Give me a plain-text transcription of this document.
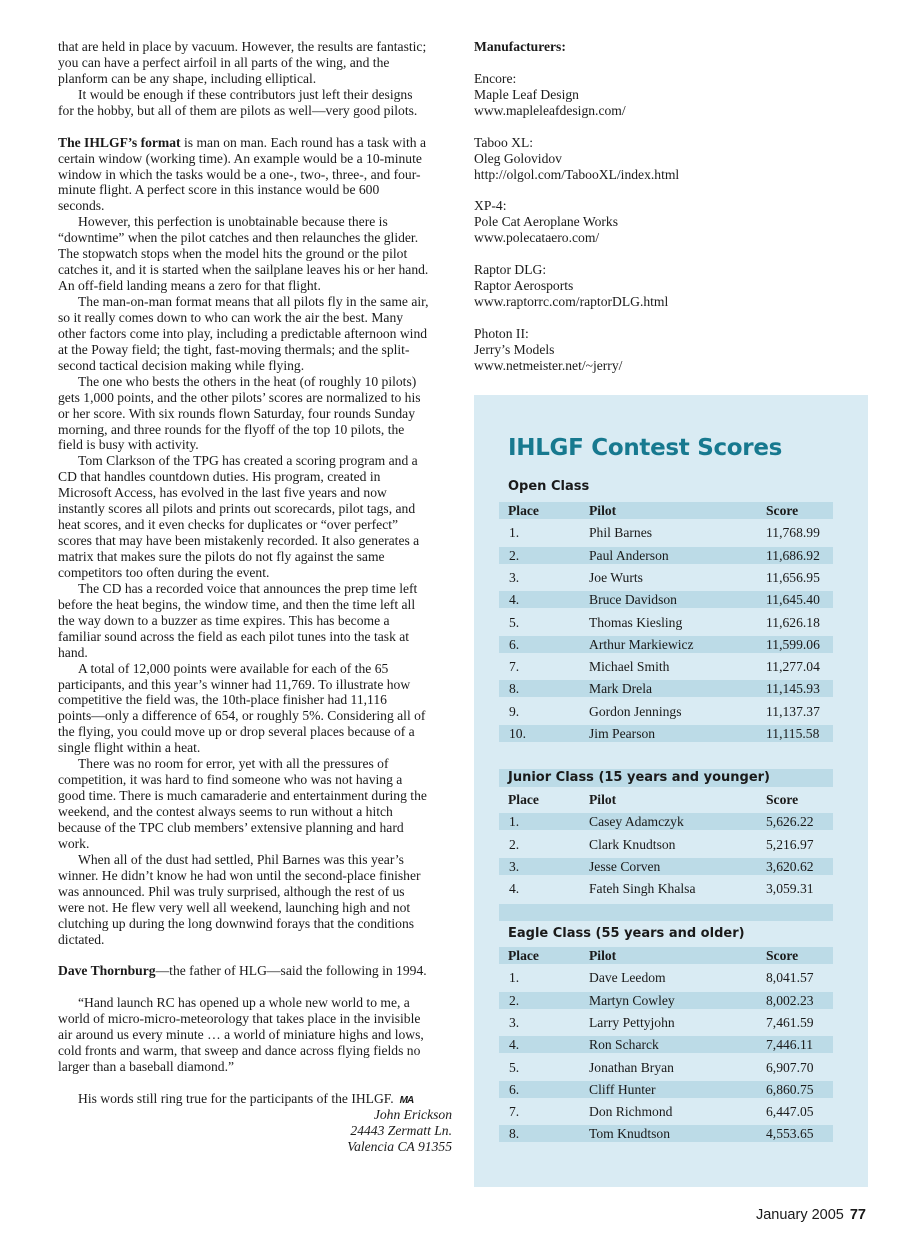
that are held in place by vacuum. However, the results are fantastic;
you can have a perfect airfoil in all parts of the wing, and the
planform can be any shape, including elliptical.
It would be enough if these contributors just left their designs
for the hobby, but all of them are pilots as well—very good pilots.
The IHLGF’s format is man on man. Each round has a task with a
certain window (working time). An example would be a 10-minute
window in which the tasks would be a one-, two-, three-, and four-
minute flight. A perfect score in this instance would be 600
seconds.
However, this perfection is unobtainable because there is
“downtime” when the pilot catches and then relaunches the glider.
The stopwatch stops when the model hits the ground or the pilot
catches it, and it is started when the sailplane leaves his or her hand.
An off-field landing means a zero for that flight.
The man-on-man format means that all pilots fly in the same air,
so it really comes down to who can work the air the best. Many
other factors come into play, including a predictable afternoon wind
at the Poway field; the tight, fast-moving thermals; and the split-
second tactical decision making while flying.
The one who bests the others in the heat (of roughly 10 pilots)
gets 1,000 points, and the other pilots’ scores are normalized to his
or her score. With six rounds flown Saturday, four rounds Sunday
morning, and three rounds for the flyoff of the top 10 pilots, the
field is busy with activity.
Tom Clarkson of the TPG has created a scoring program and a
CD that handles countdown duties. His program, created in
Microsoft Access, has evolved in the last five years and now
instantly scores all pilots and prints out scorecards, pilot tags, and
heat scores, and it even checks for duplicates or “over perfect”
scores that may have been mistakenly recorded. It also generates a
matrix that makes sure the pilots do not fly against the same
competitors too often during the event.
The CD has a recorded voice that announces the prep time left
before the heat begins, the window time, and then the time left all
the way down to a buzzer as time expires. This has become a
familiar sound across the field as each pilot tunes into the task at
hand.
A total of 12,000 points were available for each of the 65
participants, and this year’s winner had 11,769. To illustrate how
competitive the field was, the 10th-place finisher had 11,116
points—only a difference of 654, or roughly 5%. Considering all of
the flying, you could move up or drop several places because of a
single flight within a heat.
There was no room for error, yet with all the pressures of
competition, it was hard to find someone who was not having a
good time. There is much camaraderie and entertainment during the
weekend, and the contest always seems to run without a hitch
because of the TPC club members’ extensive planning and hard
work.
When all of the dust had settled, Phil Barnes was this year’s
winner. He didn’t know he had won until the second-place finisher
was announced. Phil was truly surprised, although the rest of us
were not. He flew very well all weekend, launching high and not
clutching up during the long downwind forays that the conditions
dictated.
Dave Thornburg—the father of HLG—said the following in 1994.
“Hand launch RC has opened up a whole new world to me, a
world of micro-micro-meteorology that takes place in the invisible
air around us every minute … a world of miniature highs and lows,
cold fronts and warm, that sweep and dance across flying fields no
larger than a baseball diamond.”
His words still ring true for the participants of the IHLGF. MA
John Erickson
24443 Zermatt Ln.
Valencia CA 91355
Manufacturers:
Encore:
Maple Leaf Design
www.mapleleafdesign.com/
Taboo XL:
Oleg Golovidov
http://olgol.com/TabooXL/index.html
XP-4:
Pole Cat Aeroplane Works
www.polecataero.com/
Raptor DLG:
Raptor Aerosports
www.raptorrc.com/raptorDLG.html
Photon II:
Jerry’s Models
www.netmeister.net/~jerry/
IHLGF Contest Scores
Open Class
Place	Pilot	Score
1.	Phil Barnes	11,768.99
2.	Paul Anderson	11,686.92
3.	Joe Wurts	11,656.95
4.	Bruce Davidson	11,645.40
5.	Thomas Kiesling	11,626.18
6.	Arthur Markiewicz	11,599.06
7.	Michael Smith	11,277.04
8.	Mark Drela	11,145.93
9.	Gordon Jennings	11,137.37
10.	Jim Pearson	11,115.58
Junior Class (15 years and younger)
Place	Pilot	Score
1.	Casey Adamczyk	5,626.22
2.	Clark Knudtson	5,216.97
3.	Jesse Corven	3,620.62
4.	Fateh Singh Khalsa	3,059.31
Eagle Class (55 years and older)
Place	Pilot	Score
1.	Dave Leedom	8,041.57
2.	Martyn Cowley	8,002.23
3.	Larry Pettyjohn	7,461.59
4.	Ron Scharck	7,446.11
5.	Jonathan Bryan	6,907.70
6.	Cliff Hunter	6,860.75
7.	Don Richmond	6,447.05
8.	Tom Knudtson	4,553.65
January 2005 77
